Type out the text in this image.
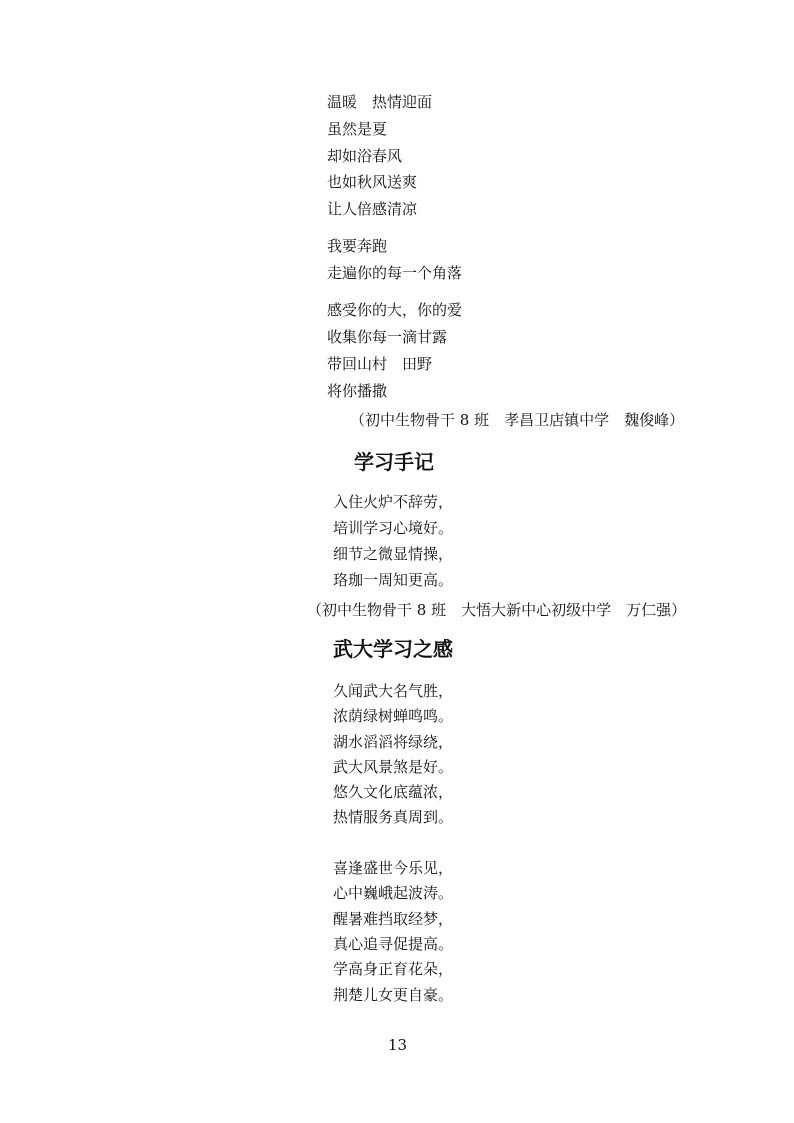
温暖　热情迎面
虽然是夏
却如浴春风
也如秋风送爽
让人倍感清凉
我要奔跑
走遍你的每一个角落
感受你的大，你的爱
收集你每一滴甘露
带回山村　田野
将你播撒
（初中生物骨干 8 班　孝昌卫店镇中学　魏俊峰）
学习手记
入住火炉不辞劳，
培训学习心境好。
细节之微显情操，
珞珈一周知更高。
（初中生物骨干 8 班　大悟大新中心初级中学　万仁强）
武大学习之感
久闻武大名气胜，
浓荫绿树蝉鸣鸣。
湖水滔滔将绿绕，
武大风景煞是好。
悠久文化底蕴浓，
热情服务真周到。
喜逢盛世今乐见，
心中巍峨起波涛。
醒暑难挡取经梦，
真心追寻促提高。
学高身正育花朵，
荆楚儿女更自豪。
13
